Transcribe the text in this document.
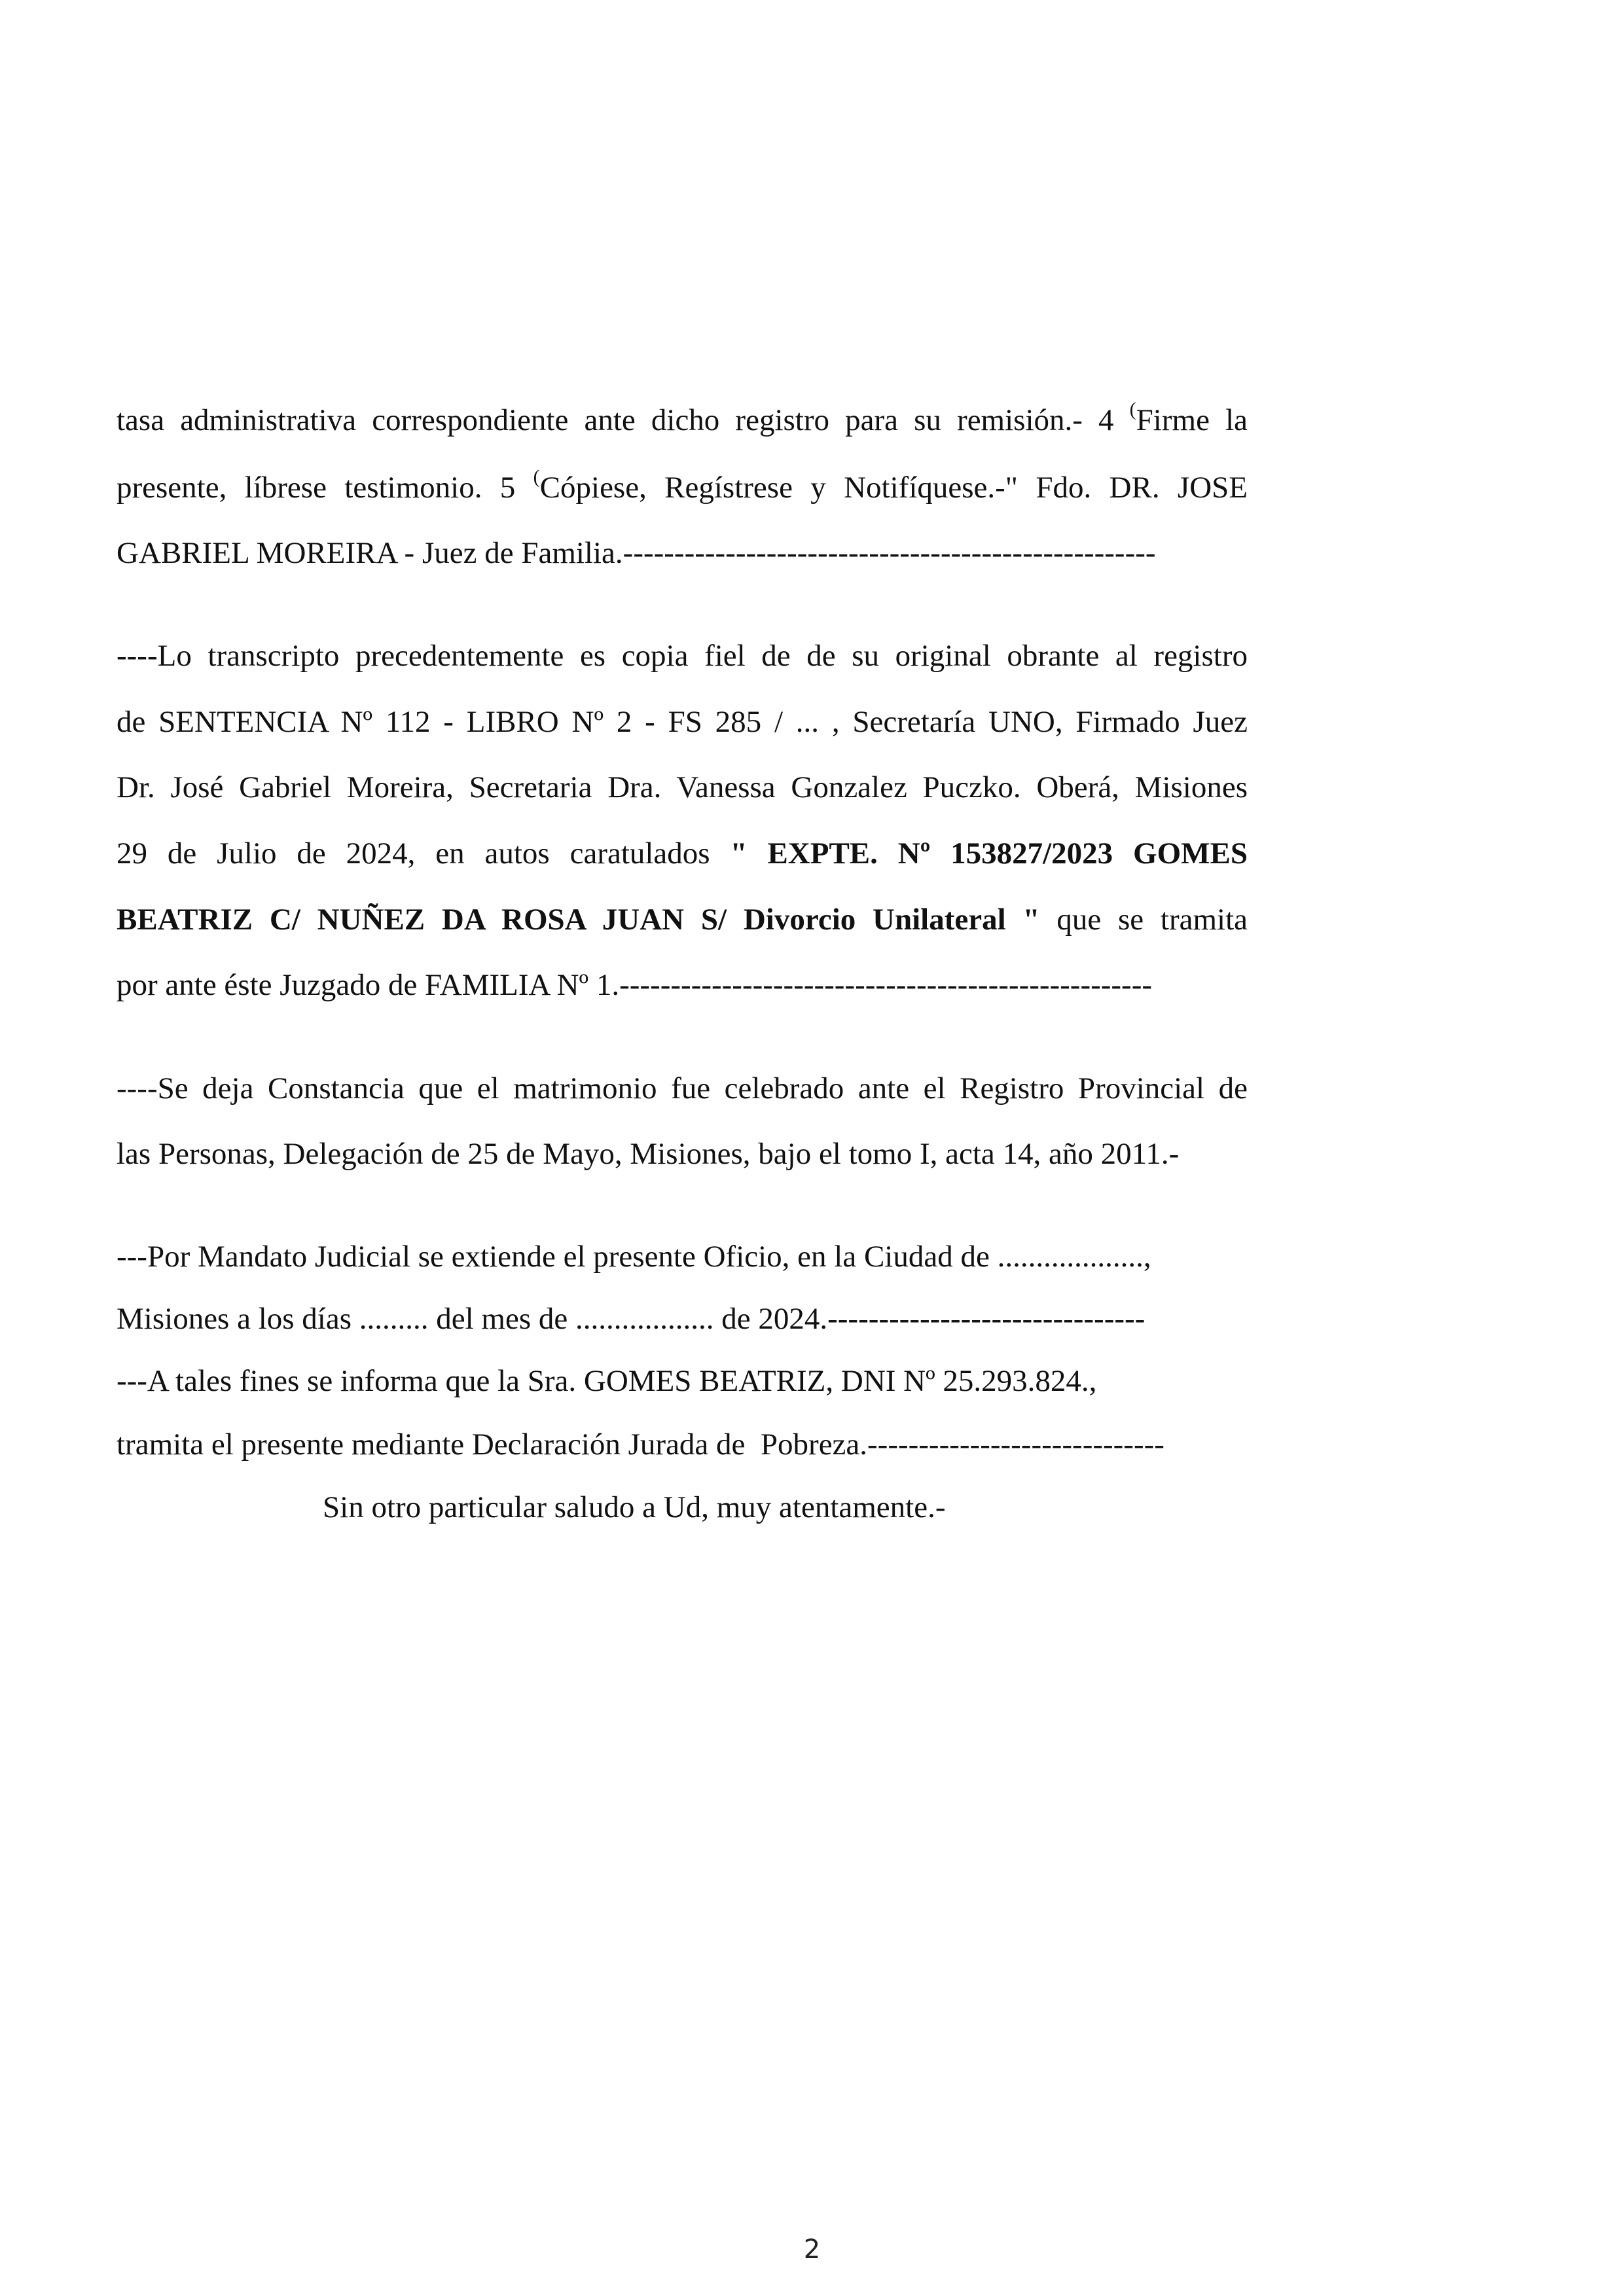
tasa administrativa correspondiente ante dicho registro para su remisión.- 4 (Firme la
presente, líbrese testimonio. 5 (Cópiese, Regístrese y Notifíquese.-" Fdo. DR. JOSE
GABRIEL MOREIRA - Juez de Familia.----------------------------------------------------
----Lo transcripto precedentemente es copia fiel de de su original obrante al registro
de SENTENCIA Nº 112 - LIBRO Nº 2 - FS 285 / ... , Secretaría UNO, Firmado Juez
Dr. José Gabriel Moreira, Secretaria Dra. Vanessa Gonzalez Puczko. Oberá, Misiones
29 de Julio de 2024, en autos caratulados " EXPTE. Nº 153827/2023 GOMES
BEATRIZ C/ NUÑEZ DA ROSA JUAN S/ Divorcio Unilateral " que se tramita
por ante éste Juzgado de FAMILIA Nº 1.----------------------------------------------------
----Se deja Constancia que el matrimonio fue celebrado ante el Registro Provincial de
las Personas, Delegación de 25 de Mayo, Misiones, bajo el tomo I, acta 14, año 2011.-
---Por Mandato Judicial se extiende el presente Oficio, en la Ciudad de ...................,
Misiones a los días ......... del mes de .................. de 2024.-------------------------------
---A tales fines se informa que la Sra. GOMES BEATRIZ, DNI Nº 25.293.824.,
tramita el presente mediante Declaración Jurada de  Pobreza.-----------------------------
Sin otro particular saludo a Ud, muy atentamente.-
2
